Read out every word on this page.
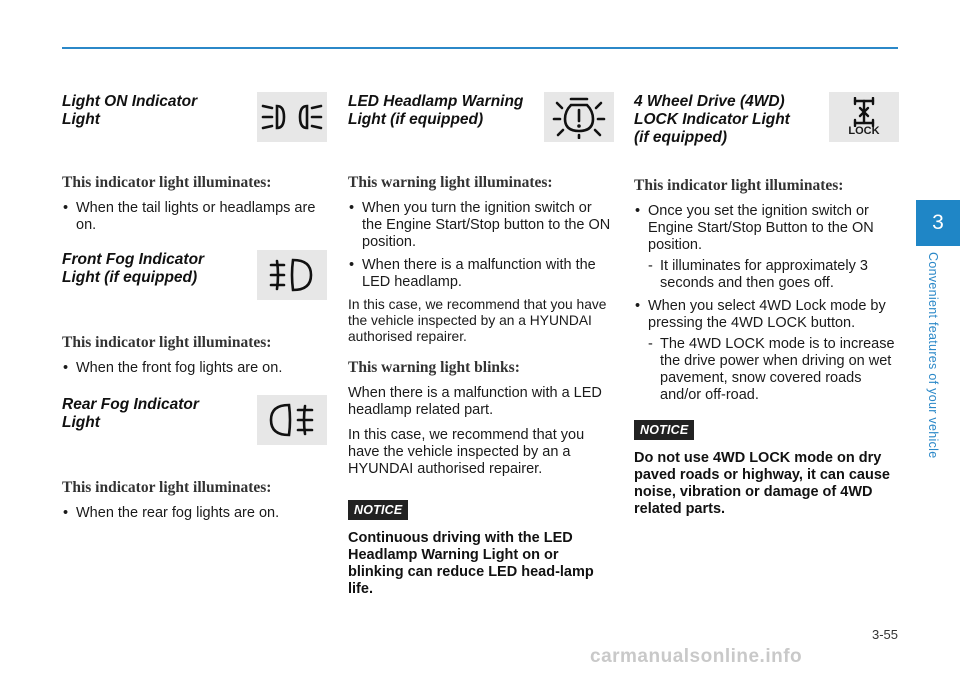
Light ON Indicator
Light

This indicator light illuminates:

• When the tail lights or headlamps are on.
Front Fog Indicator
Light (if equipped)

This indicator light illuminates:

• When the front fog lights are on.
Rear Fog Indicator
Light

This indicator light illuminates:

• When the rear fog lights are on.
LED Headlamp Warning
Light (if equipped)

This warning light illuminates:

• When you turn the ignition switch or the Engine Start/Stop button to the ON position.
• When there is a malfunction with the LED headlamp.

In this case, we recommend that you have the vehicle inspected by an a HYUNDAI authorised repairer.

This warning light blinks:

When there is a malfunction with a LED headlamp related part.

In this case, we recommend that you have the vehicle inspected by an a HYUNDAI authorised repairer.

NOTICE

Continuous driving with the LED Headlamp Warning Light on or blinking can reduce LED head-lamp life.

4 Wheel Drive (4WD)
LOCK Indicator Light
(if equipped)	LOCK

This indicator light illuminates:

• Once you set the ignition switch or Engine Start/Stop Button to the ON position.
- It illuminates for approximately 3 seconds and then goes off.
• When you select 4WD Lock mode by pressing the 4WD LOCK button.
- The 4WD LOCK mode is to increase the drive power when driving on wet pavement, snow covered roads and/or off-road.
NOTICE

Do not use 4WD LOCK mode on dry paved roads or highway, it can cause noise, vibration or damage of 4WD related parts.

3
Convenient features of your vehicle
3-55
carmanualsonline.info
